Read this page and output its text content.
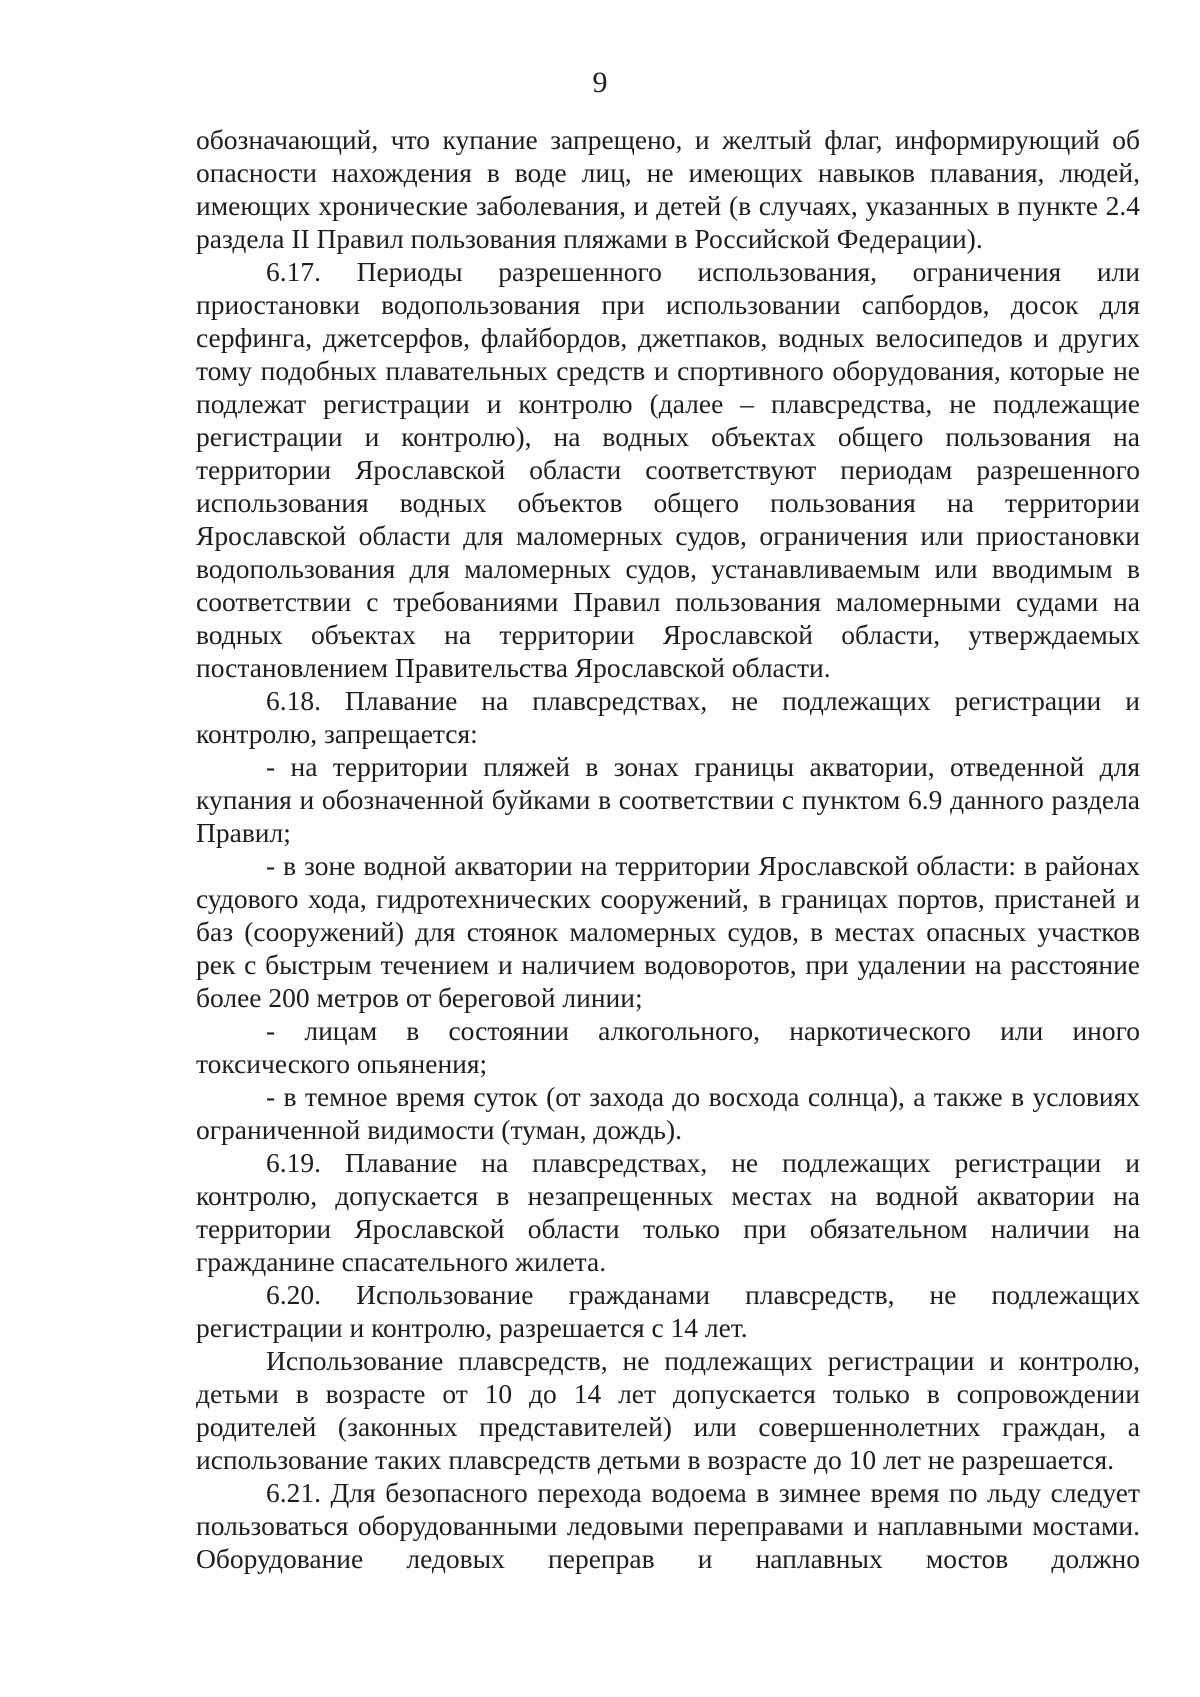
9

обозначающий, что купание запрещено, и желтый флаг, информирующий об опасности нахождения в воде лиц, не имеющих навыков плавания, людей, имеющих хронические заболевания, и детей (в случаях, указанных в пункте 2.4 раздела II Правил пользования пляжами в Российской Федерации).

6.17. Периоды разрешенного использования, ограничения или приостановки водопользования при использовании сапбордов, досок для серфинга, джетсерфов, флайбордов, джетпаков, водных велосипедов и других тому подобных плавательных средств и спортивного оборудования, которые не подлежат регистрации и контролю (далее – плавсредства, не подлежащие регистрации и контролю), на водных объектах общего пользования на территории Ярославской области соответствуют периодам разрешенного использования водных объектов общего пользования на территории Ярославской области для маломерных судов, ограничения или приостановки водопользования для маломерных судов, устанавливаемым или вводимым в соответствии с требованиями Правил пользования маломерными судами на водных объектах на территории Ярославской области, утверждаемых постановлением Правительства Ярославской области.

6.18. Плавание на плавсредствах, не подлежащих регистрации и контролю, запрещается:

- на территории пляжей в зонах границы акватории, отведенной для купания и обозначенной буйками в соответствии с пунктом 6.9 данного раздела Правил;

- в зоне водной акватории на территории Ярославской области: в районах судового хода, гидротехнических сооружений, в границах портов, пристаней и баз (сооружений) для стоянок маломерных судов, в местах опасных участков рек с быстрым течением и наличием водоворотов, при удалении на расстояние более 200 метров от береговой линии;

- лицам в состоянии алкогольного, наркотического или иного токсического опьянения;

- в темное время суток (от захода до восхода солнца), а также в условиях ограниченной видимости (туман, дождь).

6.19. Плавание на плавсредствах, не подлежащих регистрации и контролю, допускается в незапрещенных местах на водной акватории на территории Ярославской области только при обязательном наличии на гражданине спасательного жилета.

6.20. Использование гражданами плавсредств, не подлежащих регистрации и контролю, разрешается с 14 лет.

Использование плавсредств, не подлежащих регистрации и контролю, детьми в возрасте от 10 до 14 лет допускается только в сопровождении родителей (законных представителей) или совершеннолетних граждан, а использование таких плавсредств детьми в возрасте до 10 лет не разрешается.

6.21. Для безопасного перехода водоема в зимнее время по льду следует пользоваться оборудованными ледовыми переправами и наплавными мостами. Оборудование ледовых переправ и наплавных мостов должно
